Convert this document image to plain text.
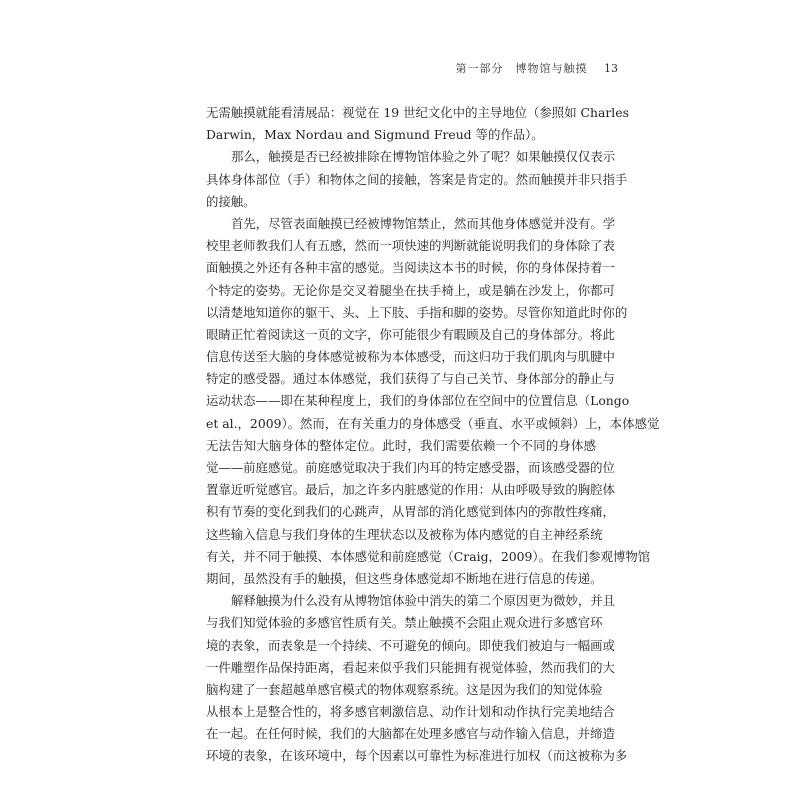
第一部分　博物馆与触摸 13
无需触摸就能看清展品：视觉在 19 世纪文化中的主导地位（参照如 Charles
Darwin，Max Nordau and Sigmund Freud 等的作品）。
那么，触摸是否已经被排除在博物馆体验之外了呢？如果触摸仅仅表示
具体身体部位（手）和物体之间的接触，答案是肯定的。然而触摸并非只指手
的接触。
首先，尽管表面触摸已经被博物馆禁止，然而其他身体感觉并没有。学
校里老师教我们人有五感，然而一项快速的判断就能说明我们的身体除了表
面触摸之外还有各种丰富的感觉。当阅读这本书的时候，你的身体保持着一
个特定的姿势。无论你是交叉着腿坐在扶手椅上，或是躺在沙发上，你都可
以清楚地知道你的躯干、头、上下肢、手指和脚的姿势。尽管你知道此时你的
眼睛正忙着阅读这一页的文字，你可能很少有暇顾及自己的身体部分。将此
信息传送至大脑的身体感觉被称为本体感受，而这归功于我们肌肉与肌腱中
特定的感受器。通过本体感觉，我们获得了与自己关节、身体部分的静止与
运动状态——即在某种程度上，我们的身体部位在空间中的位置信息（Longo
et al.，2009）。然而，在有关重力的身体感受（垂直、水平或倾斜）上，本体感觉
无法告知大脑身体的整体定位。此时，我们需要依赖一个不同的身体感
觉——前庭感觉。前庭感觉取决于我们内耳的特定感受器，而该感受器的位
置靠近听觉感官。最后，加之许多内脏感觉的作用：从由呼吸导致的胸腔体
积有节奏的变化到我们的心跳声，从胃部的消化感觉到体内的弥散性疼痛，
这些输入信息与我们身体的生理状态以及被称为体内感觉的自主神经系统
有关，并不同于触摸、本体感觉和前庭感觉（Craig，2009）。在我们参观博物馆
期间，虽然没有手的触摸，但这些身体感觉却不断地在进行信息的传递。
解释触摸为什么没有从博物馆体验中消失的第二个原因更为微妙，并且
与我们知觉体验的多感官性质有关。禁止触摸不会阻止观众进行多感官环
境的表象，而表象是一个持续、不可避免的倾向。即使我们被迫与一幅画或
一件雕塑作品保持距离，看起来似乎我们只能拥有视觉体验，然而我们的大
脑构建了一套超越单感官模式的物体观察系统。这是因为我们的知觉体验
从根本上是整合性的，将多感官刺激信息、动作计划和动作执行完美地结合
在一起。在任何时候，我们的大脑都在处理多感官与动作输入信息，并缔造
环境的表象，在该环境中，每个因素以可靠性为标准进行加权（而这被称为多
